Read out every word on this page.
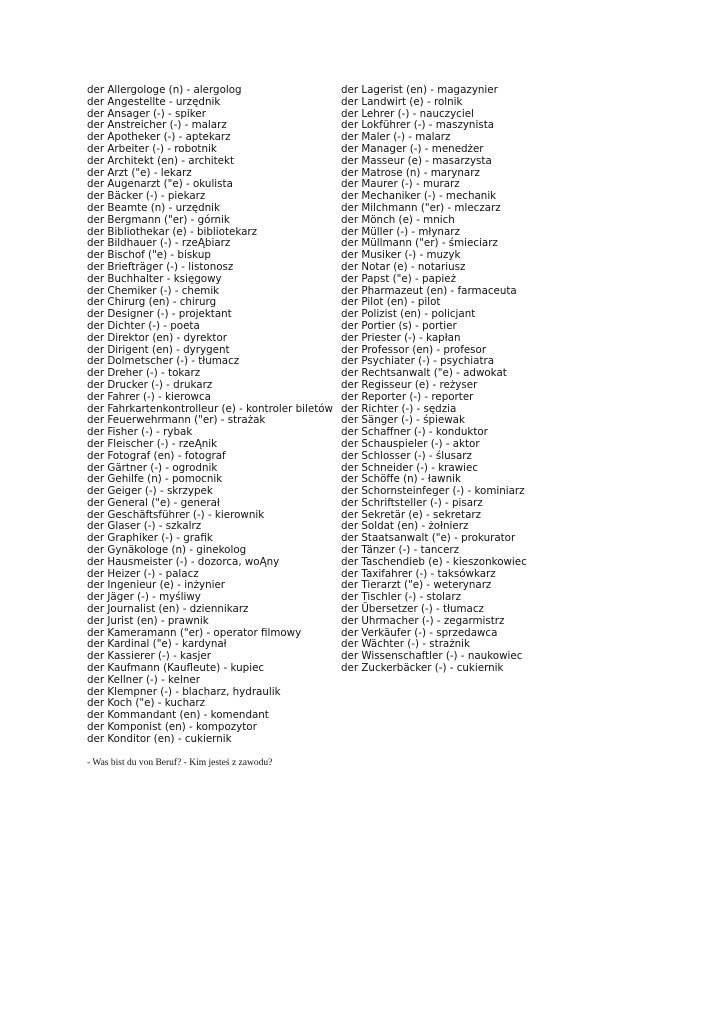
der Allergologe (n) - alergolog
der Angestellte - urzędnik
der Ansager (-) - spiker
der Anstreicher (-) - malarz
der Apotheker (-) - aptekarz
der Arbeiter (-) - robotnik
der Architekt (en) - architekt
der Arzt ("e) - lekarz
der Augenarzt ("e) - okulista
der Bäcker (-) - piekarz
der Beamte (n) - urzędnik
der Bergmann ("er) - górnik
der Bibliothekar (e) - bibliotekarz
der Bildhauer (-) - rzeĄbiarz
der Bischof ("e) - biskup
der Briefträger (-) - listonosz
der Buchhalter - księgowy
der Chemiker (-) - chemik
der Chirurg (en) - chirurg
der Designer (-) - projektant
der Dichter (-) - poeta
der Direktor (en) - dyrektor
der Dirigent (en) - dyrygent
der Dolmetscher (-) - tłumacz
der Dreher (-) - tokarz
der Drucker (-) - drukarz
der Fahrer (-) - kierowca
der Fahrkartenkontrolleur (e) - kontroler biletów
der Feuerwehrmann ("er) - strażak
der Fisher (-) - rybak
der Fleischer (-) - rzeĄnik
der Fotograf (en) - fotograf
der Gärtner (-) - ogrodnik
der Gehilfe (n) - pomocnik
der Geiger (-) - skrzypek
der General ("e) - generał
der Geschäftsführer (-) - kierownik
der Glaser (-) - szkalrz
der Graphiker (-) - grafik
der Gynäkologe (n) - ginekolog
der Hausmeister (-) - dozorca, woĄny
der Heizer (-) - palacz
der Ingenieur (e) - inżynier
der Jäger (-) - myśliwy
der Journalist (en) - dziennikarz
der Jurist (en) - prawnik
der Kameramann ("er) - operator filmowy
der Kardinal ("e) - kardynał
der Kassierer (-) - kasjer
der Kaufmann (Kaufleute) - kupiec
der Kellner (-) - kelner
der Klempner (-) - blacharz, hydraulik
der Koch ("e) - kucharz
der Kommandant (en) - komendant
der Komponist (en) - kompozytor
der Konditor (en) - cukiernik
der Lagerist (en) - magazynier
der Landwirt (e) - rolnik
der Lehrer (-) - nauczyciel
der Lokführer (-) - maszynista
der Maler (-) - malarz
der Manager (-) - menedżer
der Masseur (e) - masarzysta
der Matrose (n) - marynarz
der Maurer (-) - murarz
der Mechaniker (-) - mechanik
der Milchmann ("er) - mleczarz
der Mönch (e) - mnich
der Müller (-) - młynarz
der Müllmann ("er) - śmieciarz
der Musiker (-) - muzyk
der Notar (e) - notariusz
der Papst ("e) - papież
der Pharmazeut (en) - farmaceuta
der Pilot (en) - pilot
der Polizist (en) - policjant
der Portier (s) - portier
der Priester (-) - kapłan
der Professor (en) - profesor
der Psychiater (-) - psychiatra
der Rechtsanwalt ("e) - adwokat
der Regisseur (e) - reżyser
der Reporter (-) - reporter
der Richter (-) - sędzia
der Sänger (-) - śpiewak
der Schaffner (-) - konduktor
der Schauspieler (-) - aktor
der Schlosser (-) - ślusarz
der Schneider (-) - krawiec
der Schöffe (n) - ławnik
der Schornsteinfeger (-) - kominiarz
der Schriftsteller (-) - pisarz
der Sekretär (e) - sekretarz
der Soldat (en) - żołnierz
der Staatsanwalt ("e) - prokurator
der Tänzer (-) - tancerz
der Taschendieb (e) - kieszonkowiec
der Taxifahrer (-) - taksówkarz
der Tierarzt ("e) - weterynarz
der Tischler (-) - stolarz
der Übersetzer (-) - tłumacz
der Uhrmacher (-) - zegarmistrz
der Verkäufer (-) - sprzedawca
der Wächter (-) - strażnik
der Wissenschaftler (-) - naukowiec
der Zuckerbäcker (-) - cukiernik
- Was bist du von Beruf? - Kim jesteś z zawodu?
